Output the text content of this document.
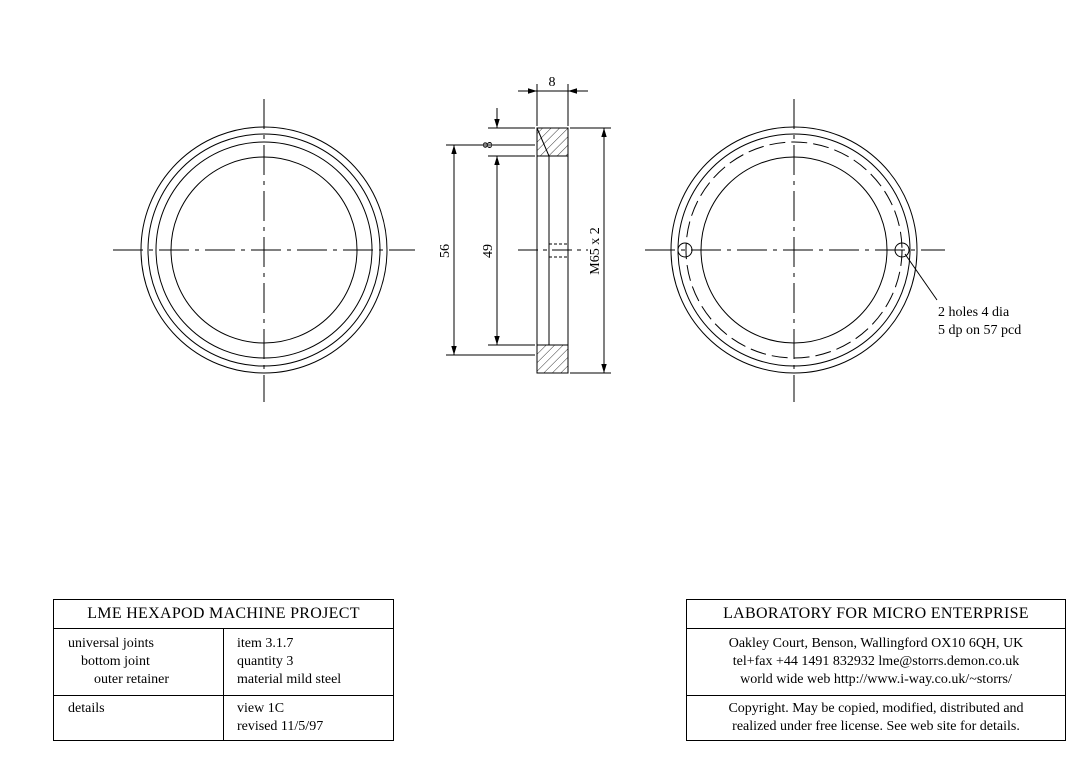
8
8
49
56	M65 x 2
2 holes 4 dia
5 dp on 57 pcd
LME HEXAPOD MACHINE PROJECT
universal joints
bottom joint
outer retainer
item 3.1.7
quantity 3
material mild steel
details	view 1C
revised 11/5/97
LABORATORY FOR MICRO ENTERPRISE
Oakley Court, Benson, Wallingford OX10 6QH, UK
tel+fax +44 1491 832932 lme@storrs.demon.co.uk
world wide web http://www.i-way.co.uk/~storrs/
Copyright. May be copied, modified, distributed and
realized under free license. See web site for details.
